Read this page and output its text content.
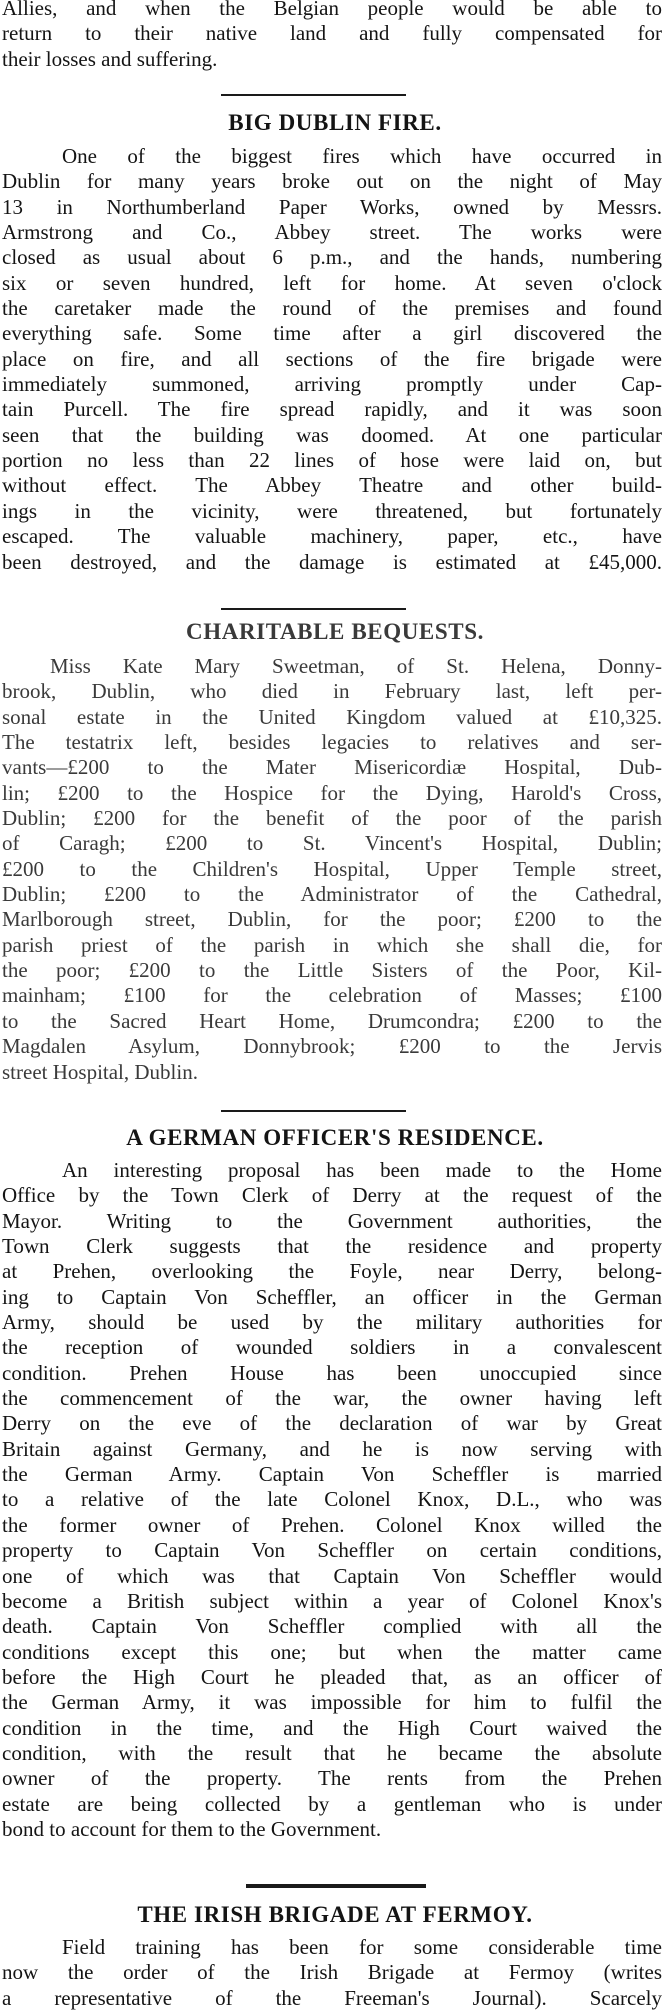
Allies, and when the Belgian people would be able to
return to their native land and fully compensated for
their losses and suffering.
BIG DUBLIN FIRE.
One of the biggest fires which have occurred in
Dublin for many years broke out on the night of May
13 in Northumberland Paper Works, owned by Messrs.
Armstrong and Co., Abbey street. The works were
closed as usual about 6 p.m., and the hands, numbering
six or seven hundred, left for home. At seven o'clock
the caretaker made the round of the premises and found
everything safe. Some time after a girl discovered the
place on fire, and all sections of the fire brigade were
immediately summoned, arriving promptly under Cap-
tain Purcell. The fire spread rapidly, and it was soon
seen that the building was doomed. At one particular
portion no less than 22 lines of hose were laid on, but
without effect. The Abbey Theatre and other build-
ings in the vicinity, were threatened, but fortunately
escaped. The valuable machinery, paper, etc., have
been destroyed, and the damage is estimated at £45,000.
CHARITABLE BEQUESTS.
Miss Kate Mary Sweetman, of St. Helena, Donny-
brook, Dublin, who died in February last, left per-
sonal estate in the United Kingdom valued at £10,325.
The testatrix left, besides legacies to relatives and ser-
vants—£200 to the Mater Misericordiæ Hospital, Dub-
lin; £200 to the Hospice for the Dying, Harold's Cross,
Dublin; £200 for the benefit of the poor of the parish
of Caragh; £200 to St. Vincent's Hospital, Dublin;
£200 to the Children's Hospital, Upper Temple street,
Dublin; £200 to the Administrator of the Cathedral,
Marlborough street, Dublin, for the poor; £200 to the
parish priest of the parish in which she shall die, for
the poor; £200 to the Little Sisters of the Poor, Kil-
mainham; £100 for the celebration of Masses; £100
to the Sacred Heart Home, Drumcondra; £200 to the
Magdalen Asylum, Donnybrook; £200 to the Jervis
street Hospital, Dublin.
A GERMAN OFFICER'S RESIDENCE.
An interesting proposal has been made to the Home
Office by the Town Clerk of Derry at the request of the
Mayor. Writing to the Government authorities, the
Town Clerk suggests that the residence and property
at Prehen, overlooking the Foyle, near Derry, belong-
ing to Captain Von Scheffler, an officer in the German
Army, should be used by the military authorities for
the reception of wounded soldiers in a convalescent
condition. Prehen House has been unoccupied since
the commencement of the war, the owner having left
Derry on the eve of the declaration of war by Great
Britain against Germany, and he is now serving with
the German Army. Captain Von Scheffler is married
to a relative of the late Colonel Knox, D.L., who was
the former owner of Prehen. Colonel Knox willed the
property to Captain Von Scheffler on certain conditions,
one of which was that Captain Von Scheffler would
become a British subject within a year of Colonel Knox's
death. Captain Von Scheffler complied with all the
conditions except this one; but when the matter came
before the High Court he pleaded that, as an officer of
the German Army, it was impossible for him to fulfil the
condition in the time, and the High Court waived the
condition, with the result that he became the absolute
owner of the property. The rents from the Prehen
estate are being collected by a gentleman who is under
bond to account for them to the Government.
THE IRISH BRIGADE AT FERMOY.
Field training has been for some considerable time
now the order of the Irish Brigade at Fermoy (writes
a representative of the Freeman's Journal). Scarcely
